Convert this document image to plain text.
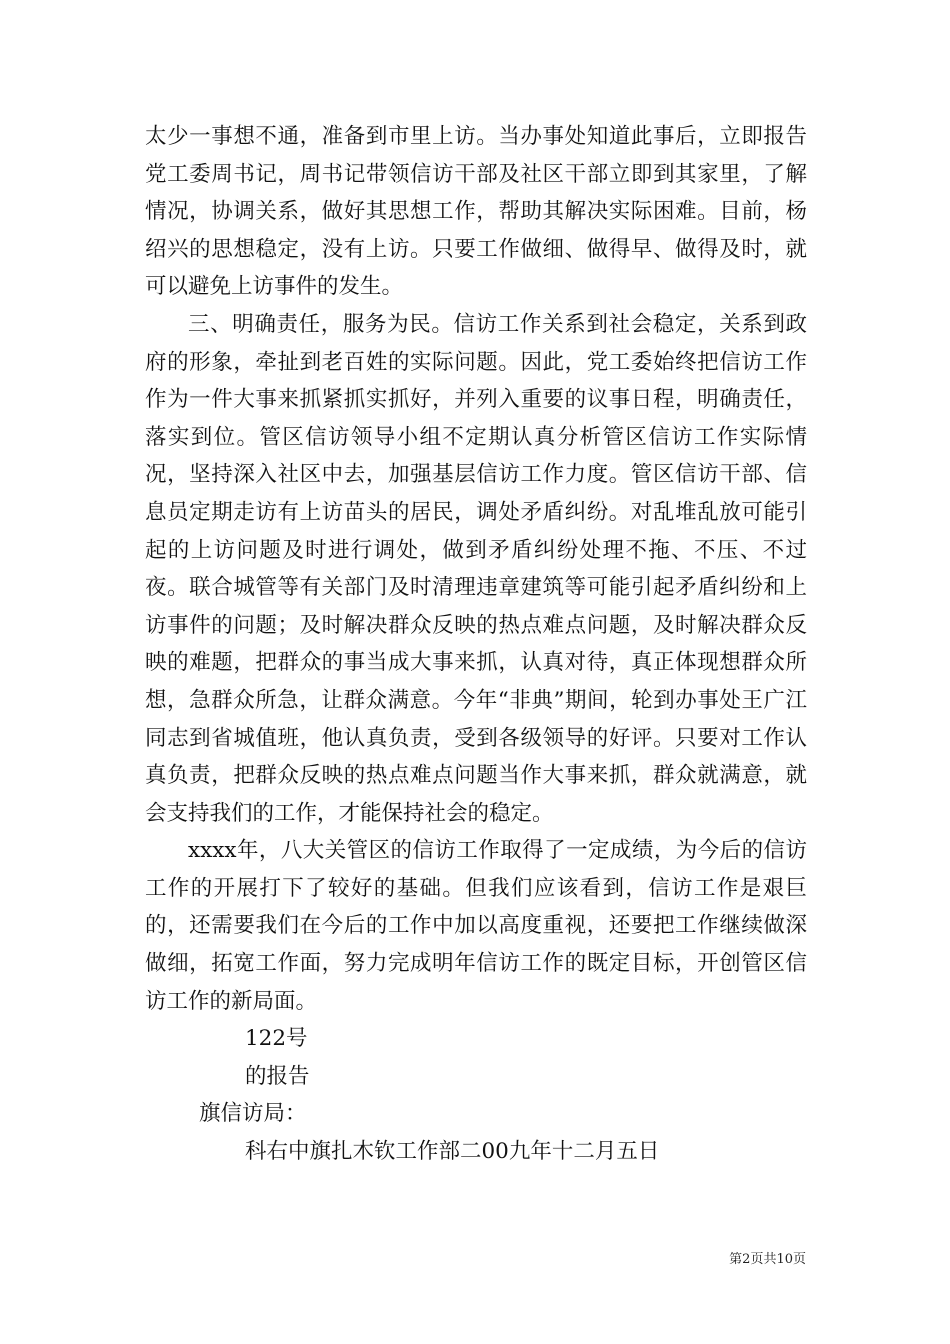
太少一事想不通，准备到市里上访。当办事处知道此事后，立即报告党工委周书记，周书记带领信访干部及社区干部立即到其家里，了解情况，协调关系，做好其思想工作，帮助其解决实际困难。目前，杨绍兴的思想稳定，没有上访。只要工作做细、做得早、做得及时，就可以避免上访事件的发生。

三、明确责任，服务为民。信访工作关系到社会稳定，关系到政府的形象，牵扯到老百姓的实际问题。因此，党工委始终把信访工作作为一件大事来抓紧抓实抓好，并列入重要的议事日程，明确责任，落实到位。管区信访领导小组不定期认真分析管区信访工作实际情况，坚持深入社区中去，加强基层信访工作力度。管区信访干部、信息员定期走访有上访苗头的居民，调处矛盾纠纷。对乱堆乱放可能引起的上访问题及时进行调处，做到矛盾纠纷处理不拖、不压、不过夜。联合城管等有关部门及时清理违章建筑等可能引起矛盾纠纷和上访事件的问题；及时解决群众反映的热点难点问题，及时解决群众反映的难题，把群众的事当成大事来抓，认真对待，真正体现想群众所想，急群众所急，让群众满意。今年“非典”期间，轮到办事处王广江同志到省城值班，他认真负责，受到各级领导的好评。只要对工作认真负责，把群众反映的热点难点问题当作大事来抓，群众就满意，就会支持我们的工作，才能保持社会的稳定。

xxxx年，八大关管区的信访工作取得了一定成绩，为今后的信访工作的开展打下了较好的基础。但我们应该看到，信访工作是艰巨的，还需要我们在今后的工作中加以高度重视，还要把工作继续做深做细，拓宽工作面，努力完成明年信访工作的既定目标，开创管区信访工作的新局面。

122号

的报告

旗信访局：

科右中旗扎木钦工作部二00九年十二月五日

第2页共10页
